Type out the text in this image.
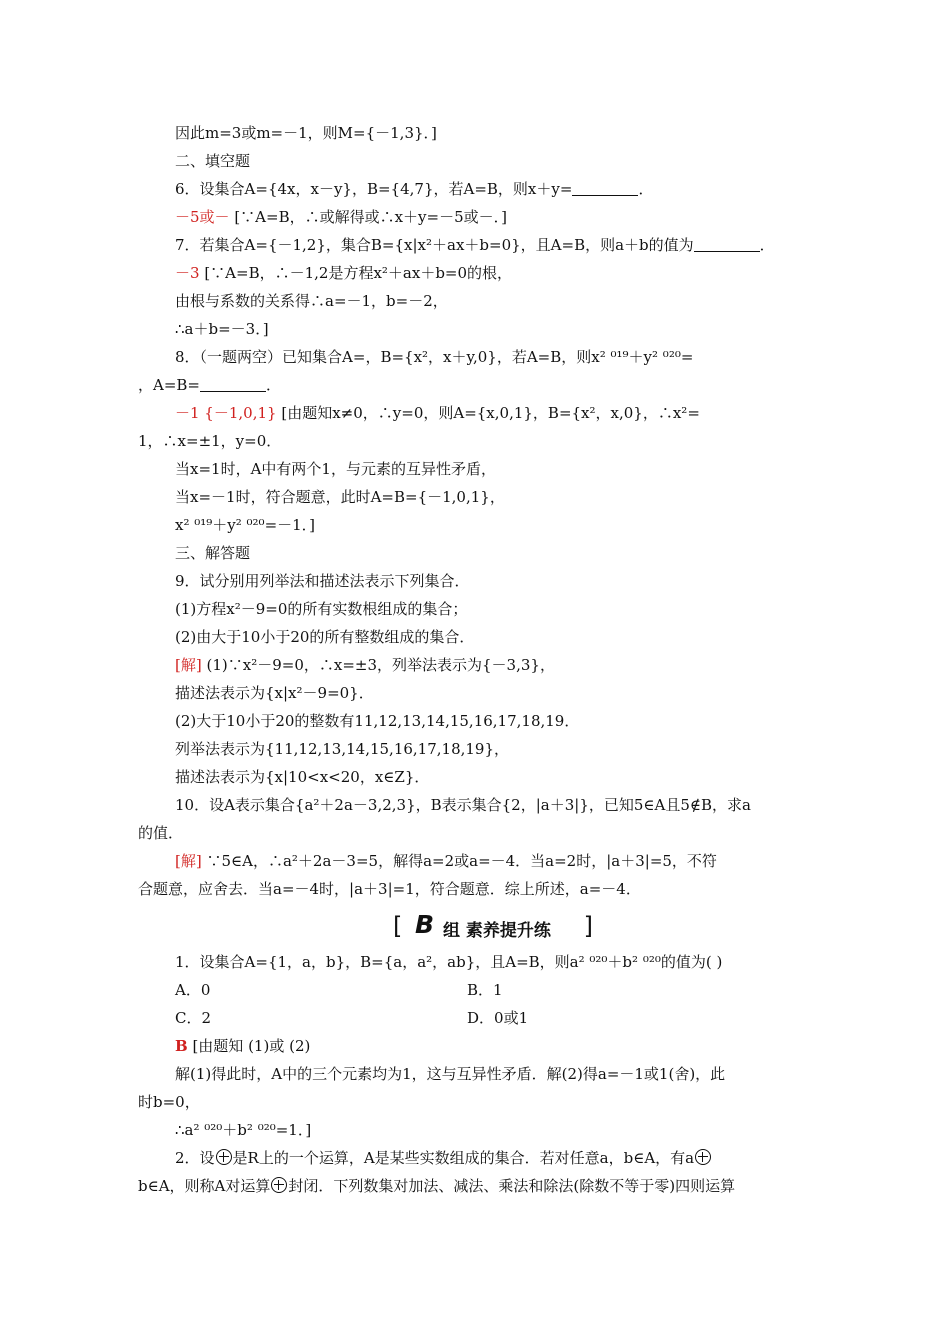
因此m=3或m=－1，则M={－1,3}．]
二、填空题
6．设集合A={4x，x－y}，B={4,7}，若A=B，则x＋y=	．
－5或－ [∵A=B，∴或解得或∴x＋y=－5或－．]
7．若集合A={－1,2}，集合B={x|x²＋ax＋b=0}，且A=B，则a＋b的值为	．
－3 [∵A=B，∴－1,2是方程x²＋ax＋b=0的根，
由根与系数的关系得∴a=－1，b=－2，
∴a＋b=－3．]
8．（一题两空）已知集合A=，B={x²，x＋y,0}，若A=B，则x² ⁰¹⁹＋y² ⁰²⁰=
，A=B=	．
－1 {－1,0,1} [由题知x≠0，∴y=0，则A={x,0,1}，B={x²，x,0}，∴x²=
1，∴x=±1，y=0．
当x=1时，A中有两个1，与元素的互异性矛盾，
当x=－1时，符合题意，此时A=B={－1,0,1}，
x² ⁰¹⁹＋y² ⁰²⁰=－1．]
三、解答题
9．试分别用列举法和描述法表示下列集合．
(1)方程x²－9=0的所有实数根组成的集合；
(2)由大于10小于20的所有整数组成的集合．
[解] (1)∵x²－9=0，∴x=±3，列举法表示为{－3,3}，
描述法表示为{x|x²－9=0}．
(2)大于10小于20的整数有11,12,13,14,15,16,17,18,19．
列举法表示为{11,12,13,14,15,16,17,18,19}，
描述法表示为{x|10<x<20，x∈Z}．
10．设A表示集合{a²＋2a－3,2,3}，B表示集合{2，|a＋3|}，已知5∈A且5∉B，求a
的值．
[解] ∵5∈A，∴a²＋2a－3=5，解得a=2或a=－4．当a=2时，|a＋3|=5，不符
合题意，应舍去．当a=－4时，|a＋3|=1，符合题意．综上所述，a=－4．
[ B 组 素养提升练 ]
1．设集合A={1，a，b}，B={a，a²，ab}，且A=B，则a² ⁰²⁰＋b² ⁰²⁰的值为( )
A．0	B．1
C．2	D．0或1
B [由题知 (1)或 (2)
解(1)得此时，A中的三个元素均为1，这与互异性矛盾．解(2)得a=－1或1(舍)，此
时b=0，
∴a² ⁰²⁰＋b² ⁰²⁰=1．]
2．设 是R上的一个运算，A是某些实数组成的集合．若对任意a，b∈A，有a
b∈A，则称A对运算 封闭．下列数集对加法、减法、乘法和除法(除数不等于零)四则运算
